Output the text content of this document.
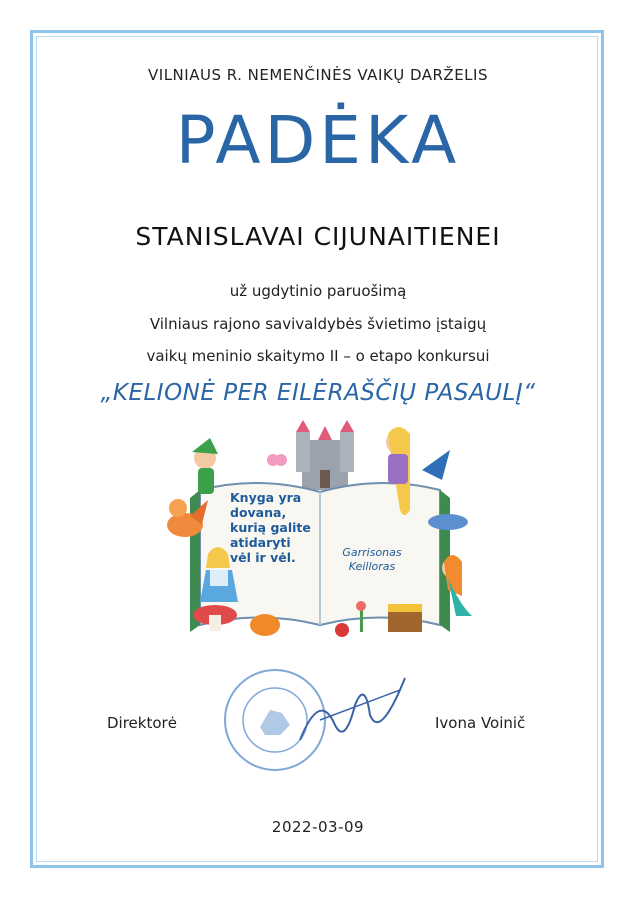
VILNIAUS R. NEMENČINĖS VAIKŲ DARŽELIS
PADĖKA
STANISLAVAI CIJUNAITIENEI
už ugdytinio paruošimą
Vilniaus rajono savivaldybės švietimo įstaigų
vaikų meninio skaitymo II – o etapo konkursui
„KELIONĖ PER EILĖRAŠČIŲ PASAULĮ“
Knyga yra
dovana,
kurią galite
atidaryti
vėl ir vėl.	Garrisonas
Keilloras
Direktorė	Ivona Voinič
2022-03-09
